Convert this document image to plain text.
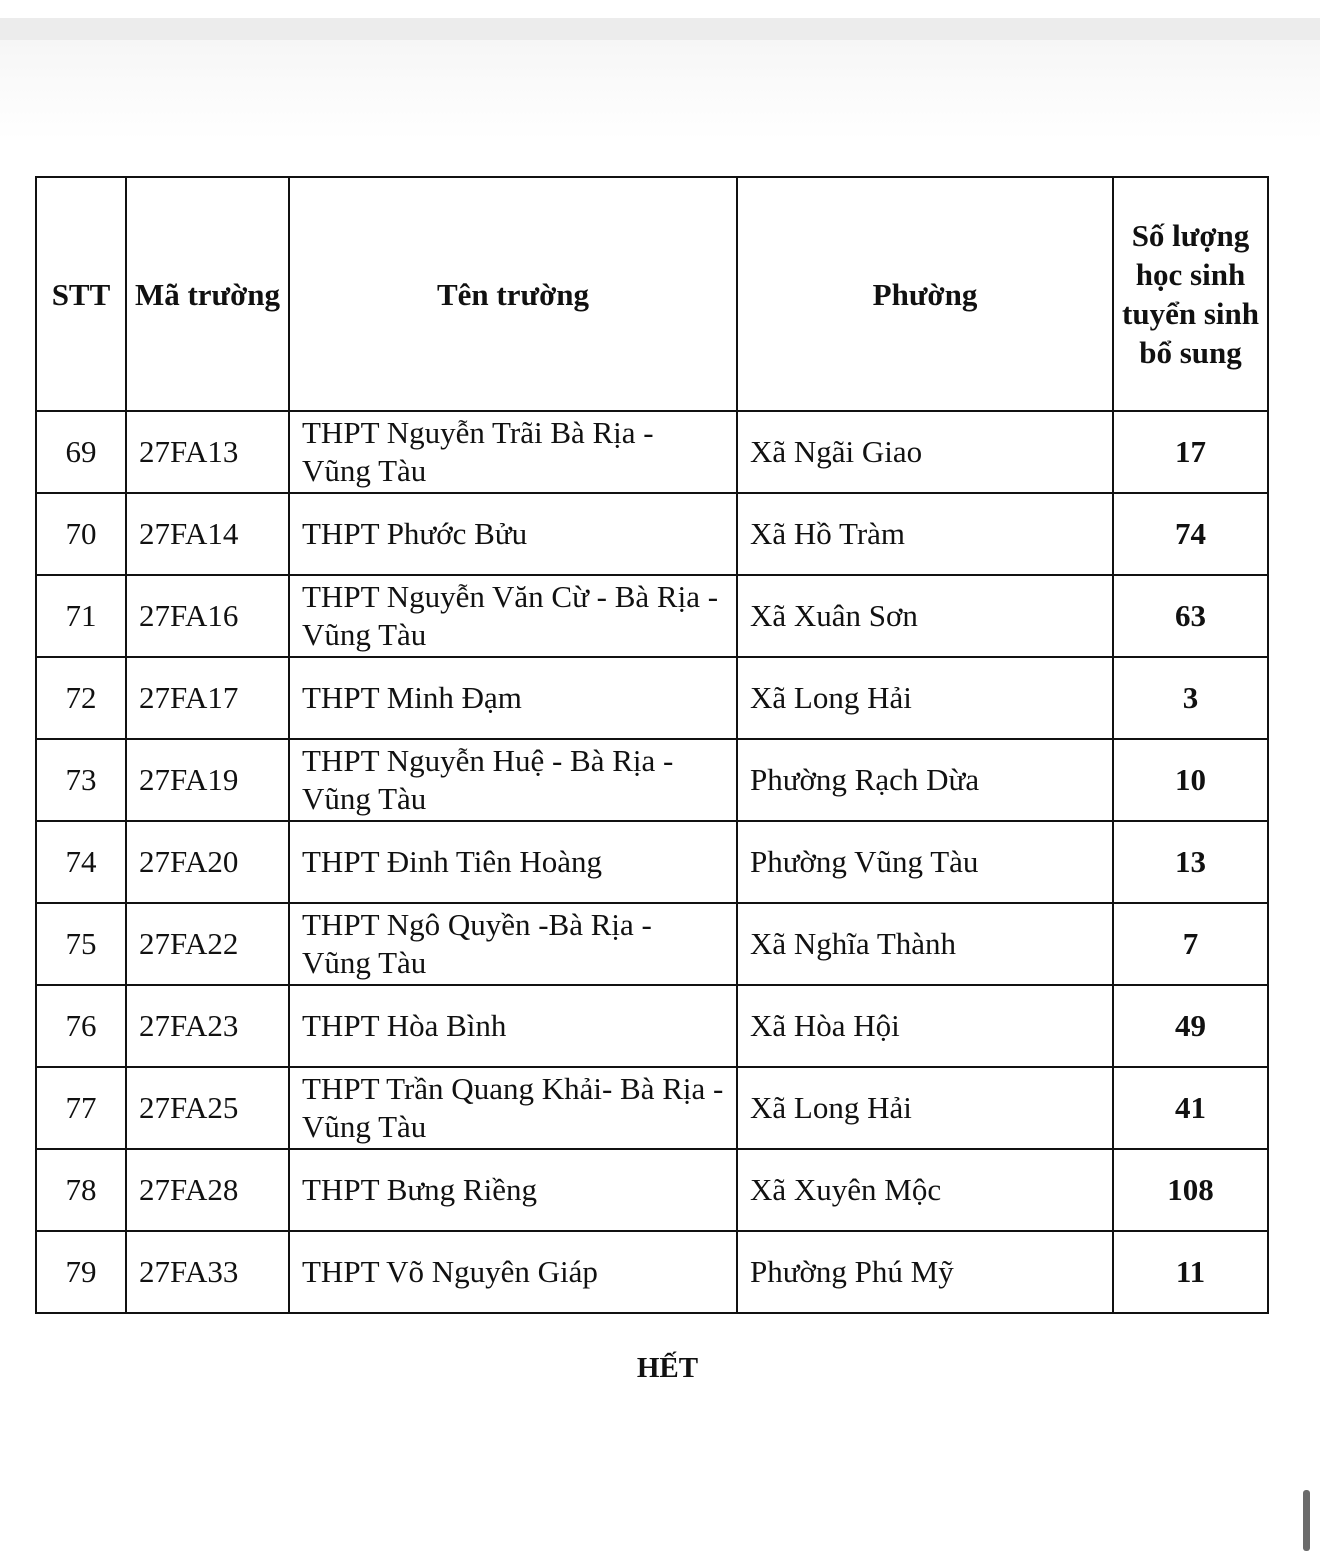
STT	Mã trường	Tên trường	Phường	Số lượng học sinh tuyển sinh bổ sung
69	27FA13	THPT Nguyễn Trãi Bà Rịa - Vũng Tàu	Xã Ngãi Giao	17
70	27FA14	THPT Phước Bửu	Xã Hồ Tràm	74
71	27FA16	THPT Nguyễn Văn Cừ - Bà Rịa - Vũng Tàu	Xã Xuân Sơn	63
72	27FA17	THPT Minh Đạm	Xã Long Hải	3
73	27FA19	THPT Nguyễn Huệ - Bà Rịa - Vũng Tàu	Phường Rạch Dừa	10
74	27FA20	THPT Đinh Tiên Hoàng	Phường Vũng Tàu	13
75	27FA22	THPT Ngô Quyền -Bà Rịa - Vũng Tàu	Xã Nghĩa Thành	7
76	27FA23	THPT Hòa Bình	Xã Hòa Hội	49
77	27FA25	THPT Trần Quang Khải- Bà Rịa - Vũng Tàu	Xã Long Hải	41
78	27FA28	THPT Bưng Riềng	Xã Xuyên Mộc	108
79	27FA33	THPT Võ Nguyên Giáp	Phường Phú Mỹ	11
HẾT
